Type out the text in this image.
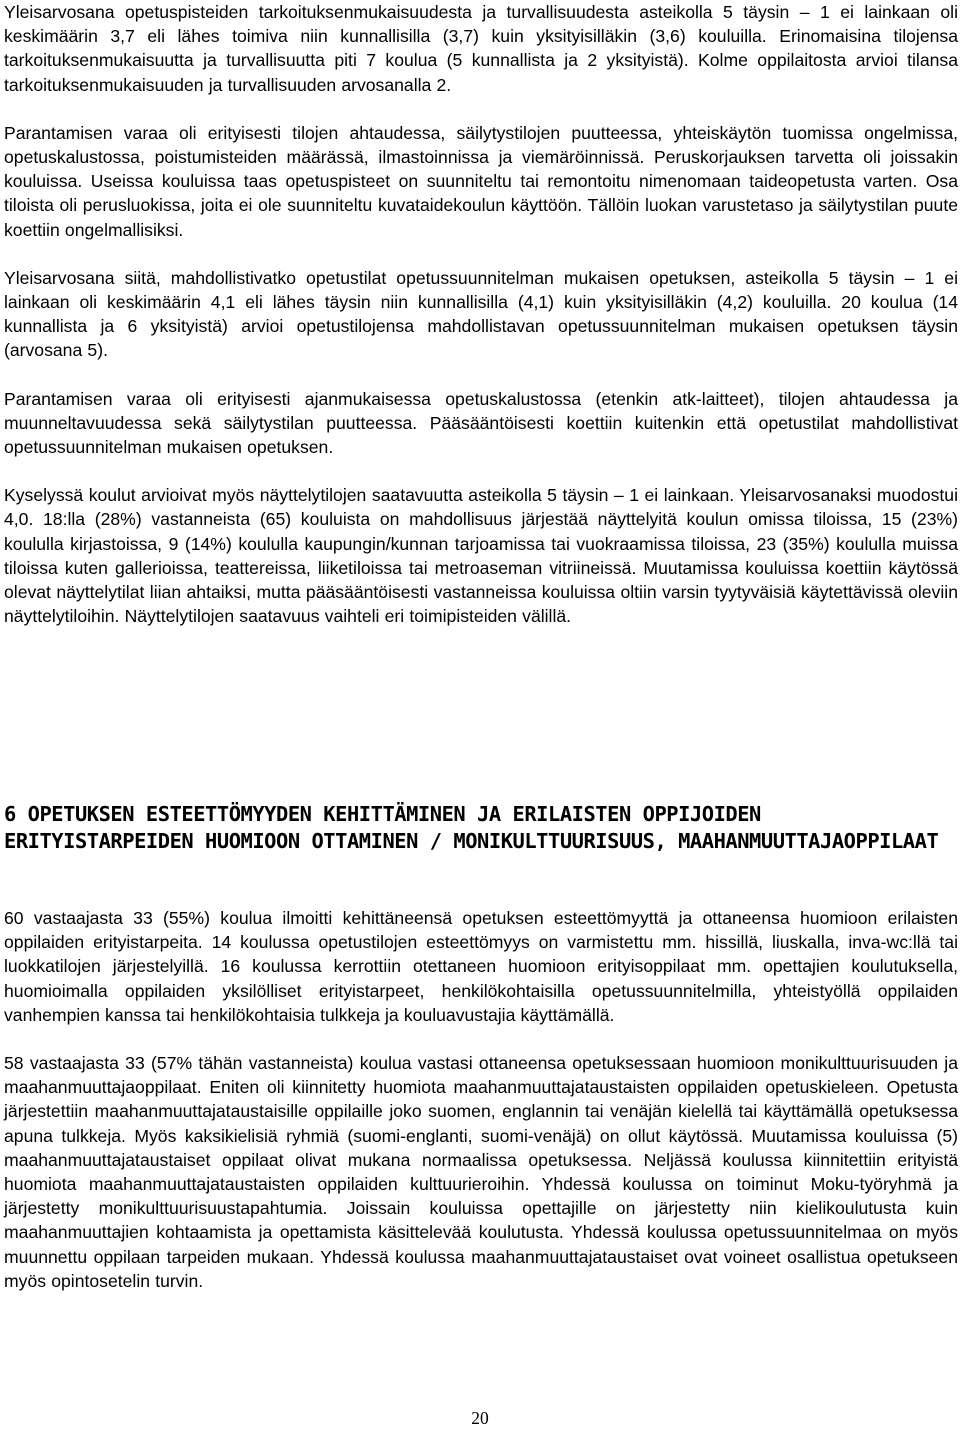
Yleisarvosana opetuspisteiden tarkoituksenmukaisuudesta ja turvallisuudesta asteikolla 5 täysin – 1 ei lainkaan oli keskimäärin 3,7 eli lähes toimiva niin kunnallisilla (3,7) kuin yksityisilläkin (3,6) kouluilla. Erinomaisina tilojensa tarkoituksenmukaisuutta ja turvallisuutta piti 7 koulua (5 kunnallista ja 2 yksityistä). Kolme oppilaitosta arvioi tilansa tarkoituksenmukaisuuden ja turvallisuuden arvosanalla 2.

Parantamisen varaa oli erityisesti tilojen ahtaudessa, säilytystilojen puutteessa, yhteiskäytön tuomissa ongelmissa, opetuskalustossa, poistumisteiden määrässä, ilmastoinnissa ja viemäröinnissä. Peruskorjauksen tarvetta oli joissakin kouluissa. Useissa kouluissa taas opetuspisteet on suunniteltu tai remontoitu nimenomaan taideopetusta varten. Osa tiloista oli perusluokissa, joita ei ole suunniteltu kuvataidekoulun käyttöön. Tällöin luokan varustetaso ja säilytystilan puute koettiin ongelmallisiksi.

Yleisarvosana siitä, mahdollistivatko opetustilat opetussuunnitelman mukaisen opetuksen, asteikolla 5 täysin – 1 ei lainkaan oli keskimäärin 4,1 eli lähes täysin niin kunnallisilla (4,1) kuin yksityisilläkin (4,2) kouluilla. 20 koulua (14 kunnallista ja 6 yksityistä) arvioi opetustilojensa mahdollistavan opetussuunnitelman mukaisen opetuksen täysin (arvosana 5).

Parantamisen varaa oli erityisesti ajanmukaisessa opetuskalustossa (etenkin atk-laitteet), tilojen ahtaudessa ja muunneltavuudessa sekä säilytystilan puutteessa. Pääsääntöisesti koettiin kuitenkin että opetustilat mahdollistivat opetussuunnitelman mukaisen opetuksen.

Kyselyssä koulut arvioivat myös näyttelytilojen saatavuutta asteikolla 5 täysin – 1 ei lainkaan. Yleisarvosanaksi muodostui 4,0. 18:lla (28%) vastanneista (65) kouluista on mahdollisuus järjestää näyttelyitä koulun omissa tiloissa, 15 (23%) koululla kirjastoissa, 9 (14%) koululla kaupungin/kunnan tarjoamissa tai vuokraamissa tiloissa, 23 (35%) koululla muissa tiloissa kuten gallerioissa, teattereissa, liiketiloissa tai metroaseman vitriineissä. Muutamissa kouluissa koettiin käytössä olevat näyttelytilat liian ahtaiksi, mutta pääsääntöisesti vastanneissa kouluissa oltiin varsin tyytyväisiä käytettävissä oleviin näyttelytiloihin. Näyttelytilojen saatavuus vaihteli eri toimipisteiden välillä.

6 OPETUKSEN ESTEETTÖMYYDEN KEHITTÄMINEN JA ERILAISTEN OPPIJOIDEN ERITYISTARPEIDEN HUOMIOON OTTAMINEN / MONIKULTTUURISUUS, MAAHANMUUTTAJAOPPILAAT

60 vastaajasta 33 (55%) koulua ilmoitti kehittäneensä opetuksen esteettömyyttä ja ottaneensa huomioon erilaisten oppilaiden erityistarpeita. 14 koulussa opetustilojen esteettömyys on varmistettu mm. hissillä, liuskalla, inva-wc:llä tai luokkatilojen järjestelyillä. 16 koulussa kerrottiin otettaneen huomioon erityisoppilaat mm. opettajien koulutuksella, huomioimalla oppilaiden yksilölliset erityistarpeet, henkilökohtaisilla opetussuunnitelmilla, yhteistyöllä oppilaiden vanhempien kanssa tai henkilökohtaisia tulkkeja ja kouluavustajia käyttämällä.

58 vastaajasta 33 (57% tähän vastanneista) koulua vastasi ottaneensa opetuksessaan huomioon monikulttuurisuuden ja maahanmuuttajaoppilaat. Eniten oli kiinnitetty huomiota maahanmuuttajataustaisten oppilaiden opetuskieleen. Opetusta järjestettiin maahanmuuttajataustaisille oppilaille joko suomen, englannin tai venäjän kielellä tai käyttämällä opetuksessa apuna tulkkeja. Myös kaksikielisiä ryhmiä (suomi-englanti, suomi-venäjä) on ollut käytössä. Muutamissa kouluissa (5) maahanmuuttajataustaiset oppilaat olivat mukana normaalissa opetuksessa. Neljässä koulussa kiinnitettiin erityistä huomiota maahanmuuttajataustaisten oppilaiden kulttuurieroihin. Yhdessä koulussa on toiminut Moku-työryhmä ja järjestetty monikulttuurisuustapahtumia. Joissain kouluissa opettajille on järjestetty niin kielikoulutusta kuin maahanmuuttajien kohtaamista ja opettamista käsittelevää koulutusta. Yhdessä koulussa opetussuunnitelmaa on myös muunnettu oppilaan tarpeiden mukaan. Yhdessä koulussa maahanmuuttajataustaiset ovat voineet osallistua opetukseen myös opintosetelin turvin.

20
